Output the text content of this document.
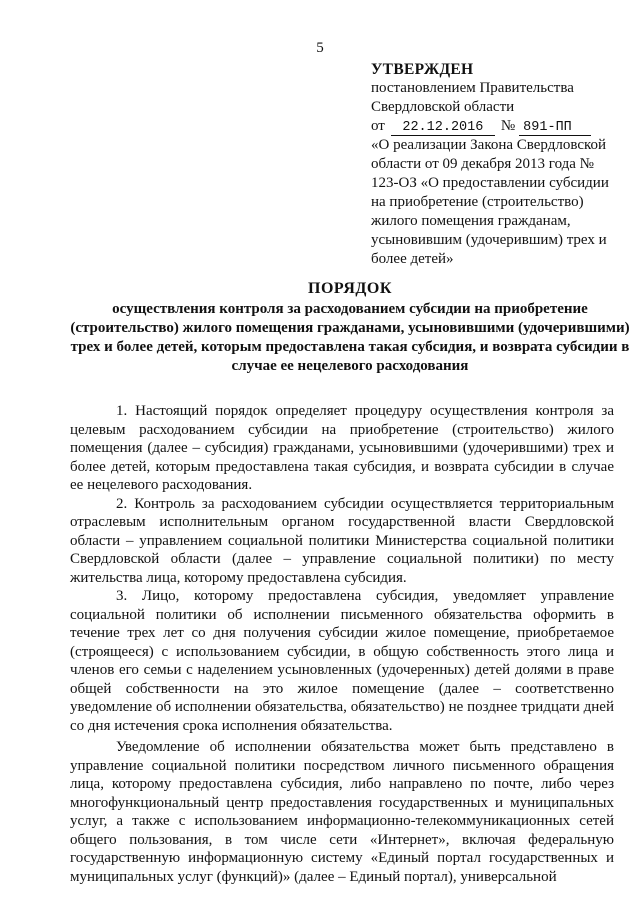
5
УТВЕРЖДЕН
постановлением Правительства
Свердловской области
от 22.12.2016 № 891-ПП
«О реализации Закона Свердловской области от 09 декабря 2013 года № 123-ОЗ «О предоставлении субсидии на приобретение (строительство) жилого помещения гражданам, усыновившим (удочерившим) трех и более детей»
ПОРЯДОК
осуществления контроля за расходованием субсидии на приобретение (строительство) жилого помещения гражданами, усыновившими (удочерившими) трех и более детей, которым предоставлена такая субсидия, и возврата субсидии в случае ее нецелевого расходования

1. Настоящий порядок определяет процедуру осуществления контроля за целевым расходованием субсидии на приобретение (строительство) жилого помещения (далее – субсидия) гражданами, усыновившими (удочерившими) трех и более детей, которым предоставлена такая субсидия, и возврата субсидии в случае ее нецелевого расходования.

2. Контроль за расходованием субсидии осуществляется территориальным отраслевым исполнительным органом государственной власти Свердловской области – управлением социальной политики Министерства социальной политики Свердловской области (далее – управление социальной политики) по месту жительства лица, которому предоставлена субсидия.

3. Лицо, которому предоставлена субсидия, уведомляет управление социальной политики об исполнении письменного обязательства оформить в течение трех лет со дня получения субсидии жилое помещение, приобретаемое (строящееся) с использованием субсидии, в общую собственность этого лица и членов его семьи с наделением усыновленных (удочеренных) детей долями в праве общей собственности на это жилое помещение (далее – соответственно уведомление об исполнении обязательства, обязательство) не позднее тридцати дней со дня истечения срока исполнения обязательства.

Уведомление об исполнении обязательства может быть представлено в управление социальной политики посредством личного письменного обращения лица, которому предоставлена субсидия, либо направлено по почте, либо через многофункциональный центр предоставления государственных и муниципальных услуг, а также с использованием информационно-телекоммуникационных сетей общего пользования, в том числе сети «Интернет», включая федеральную государственную информационную систему «Единый портал государственных и муниципальных услуг (функций)» (далее – Единый портал), универсальной
